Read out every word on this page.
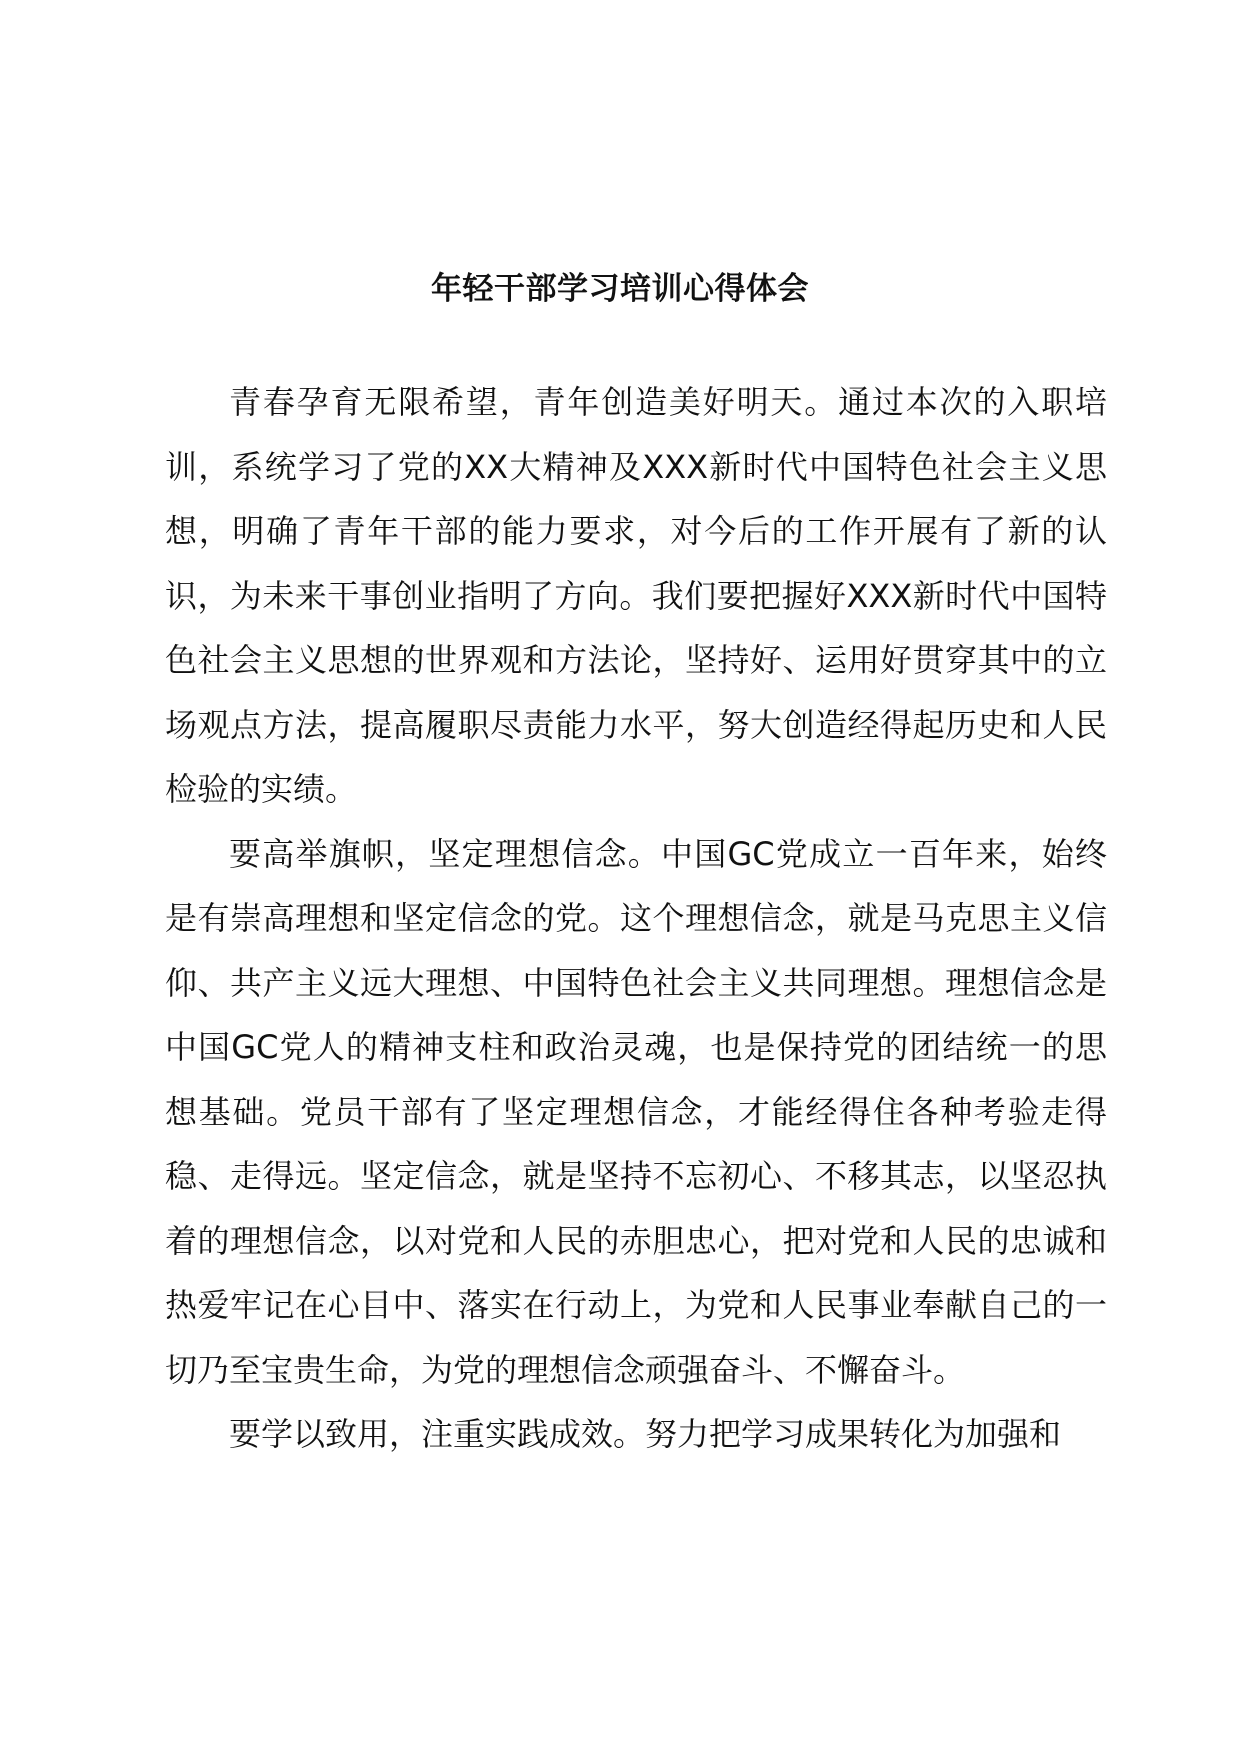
年轻干部学习培训心得体会

青春孕育无限希望，青年创造美好明天。通过本次的入职培训，系统学习了党的XX大精神及XXX新时代中国特色社会主义思想，明确了青年干部的能力要求，对今后的工作开展有了新的认识，为未来干事创业指明了方向。我们要把握好XXX新时代中国特色社会主义思想的世界观和方法论，坚持好、运用好贯穿其中的立场观点方法，提高履职尽责能力水平，努大创造经得起历史和人民检验的实绩。

要高举旗帜，坚定理想信念。中国GC党成立一百年来，始终是有崇高理想和坚定信念的党。这个理想信念，就是马克思主义信仰、共产主义远大理想、中国特色社会主义共同理想。理想信念是中国GC党人的精神支柱和政治灵魂，也是保持党的团结统一的思想基础。党员干部有了坚定理想信念，才能经得住各种考验走得稳、走得远。坚定信念，就是坚持不忘初心、不移其志，以坚忍执着的理想信念，以对党和人民的赤胆忠心，把对党和人民的忠诚和热爱牢记在心目中、落实在行动上，为党和人民事业奉献自己的一切乃至宝贵生命，为党的理想信念顽强奋斗、不懈奋斗。

要学以致用，注重实践成效。努力把学习成果转化为加强和
